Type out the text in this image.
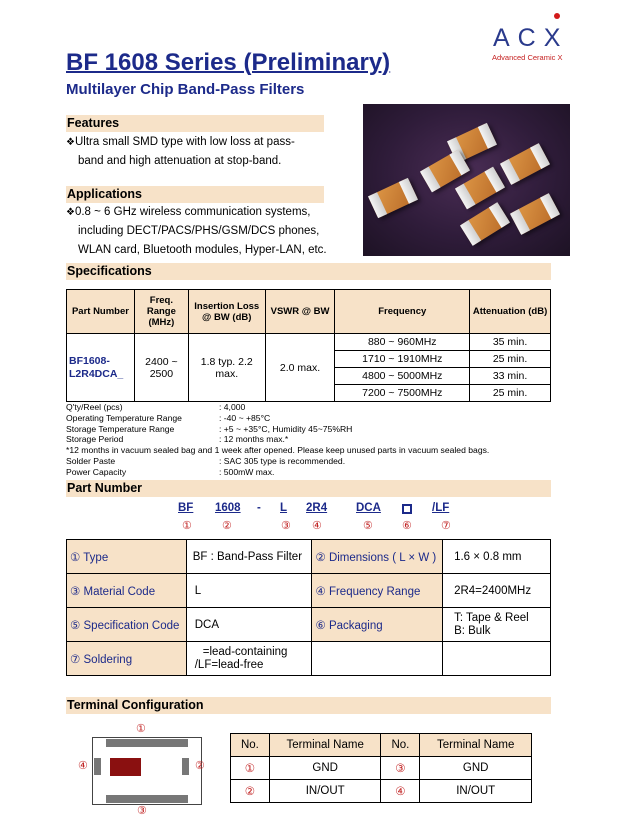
ACX
Advanced Ceramic X
BF 1608 Series (Preliminary)
Multilayer Chip Band-Pass Filters
Features
❖Ultra small SMD type with low loss at pass-
band and high attenuation at stop-band.
Applications
❖0.8 ~ 6 GHz wireless communication systems,
including DECT/PACS/PHS/GSM/DCS phones,
WLAN card, Bluetooth modules, Hyper-LAN, etc.
Specifications
Part Number	Freq. Range (MHz)	Insertion Loss @ BW (dB)	VSWR @ BW	Frequency	Attenuation (dB)
BF1608-L2R4DCA_	2400 ~ 2500	1.8 typ. 2.2 max.	2.0 max.	880 ~ 960MHz	35 min.
				1710 ~ 1910MHz	25 min.
				4800 ~ 5000MHz	33 min.
				7200 ~ 7500MHz	25 min.
Q'ty/Reel (pcs)	: 4,000
Operating Temperature Range	: -40 ~ +85°C
Storage Temperature Range	: +5 ~ +35°C, Humidity 45~75%RH
Storage Period	: 12 months max.*
*12 months in vacuum sealed bag and 1 week after opened. Please keep unused parts in vacuum sealed bags.
Solder Paste	: SAC 305 type is recommended.
Power Capacity	: 500mW max.
Part Number
BF 1608 - L 2R4	DCA	/LF
①	②	③ ④	⑤	⑥	⑦
① Type	BF : Band-Pass Filter	② Dimensions ( L × W )	1.6 × 0.8 mm
③ Material Code	L	④ Frequency Range	2R4=2400MHz
⑤ Specification Code	DCA	⑥ Packaging	T: Tape & Reel
B: Bulk

⑦ Soldering	=lead-containing
/LF=lead-free		

Terminal Configuration
①
④	②
③
No.	Terminal Name	No.	Terminal Name
①	GND	③	GND
②	IN/OUT	④	IN/OUT
